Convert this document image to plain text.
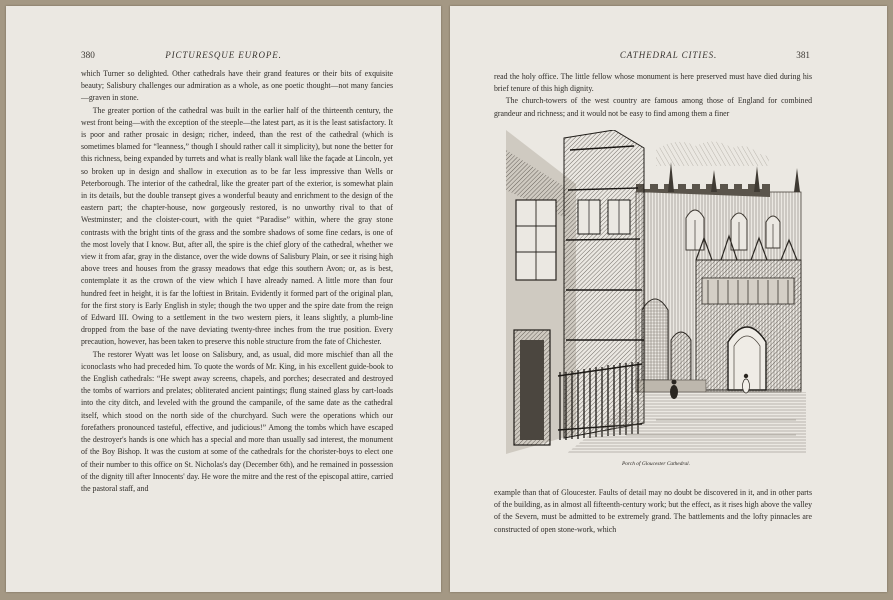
380	PICTURESQUE EUROPE.

which Turner so delighted. Other cathedrals have their grand features or their bits of exquisite beauty; Salisbury challenges our admiration as a whole, as one poetic thought—not many fancies—graven in stone.

The greater portion of the cathedral was built in the earlier half of the thirteenth century, the west front being—with the exception of the steeple—the latest part, as it is the least satisfactory. It is poor and rather prosaic in design; richer, indeed, than the rest of the cathedral (which is sometimes blamed for “leanness,” though I should rather call it simplicity), but none the better for this richness, being expanded by turrets and what is really blank wall like the façade at Lincoln, yet so broken up in design and shallow in execution as to be far less impressive than Wells or Peterborough. The interior of the cathedral, like the greater part of the exterior, is somewhat plain in its details, but the double transept gives a wonderful beauty and enrichment to the design of the eastern part; the chapter-house, now gorgeously restored, is no unworthy rival to that of Westminster; and the cloister-court, with the quiet “Paradise” within, where the gray stone contrasts with the bright tints of the grass and the sombre shadows of some fine cedars, is one of the most lovely that I know. But, after all, the spire is the chief glory of the cathedral, whether we view it from afar, gray in the distance, over the wide downs of Salisbury Plain, or see it rising high above trees and houses from the grassy meadows that edge this southern Avon; or, as is best, contemplate it as the crown of the view which I have already named. A little more than four hundred feet in height, it is far the loftiest in Britain. Evidently it formed part of the original plan, for the first story is Early English in style; though the two upper and the spire date from the reign of Edward III. Owing to a settlement in the two western piers, it leans slightly, a plumb-line dropped from the base of the nave deviating twenty-three inches from the true position. Every precaution, however, has been taken to preserve this noble structure from the fate of Chichester.

The restorer Wyatt was let loose on Salisbury, and, as usual, did more mischief than all the iconoclasts who had preceded him. To quote the words of Mr. King, in his excellent guide-book to the English cathedrals: “He swept away screens, chapels, and porches; desecrated and destroyed the tombs of warriors and prelates; obliterated ancient paintings; flung stained glass by cart-loads into the city ditch, and leveled with the ground the campanile, of the same date as the cathedral itself, which stood on the north side of the churchyard. Such were the operations which our forefathers pronounced tasteful, effective, and judicious!” Among the tombs which have escaped the destroyer's hands is one which has a special and more than usually sad interest, the monument of the Boy Bishop. It was the custom at some of the cathedrals for the chorister-boys to elect one of their number to this office on St. Nicholas's day (December 6th), and he remained in possession of the dignity till after Innocents' day. He wore the mitre and the rest of the episcopal attire, carried the pastoral staff, and

CATHEDRAL CITIES.	381

read the holy office. The little fellow whose monument is here preserved must have died during his brief tenure of this high dignity.

The church-towers of the west country are famous among those of England for combined grandeur and richness; and it would not be easy to find among them a finer

Porch of Gloucester Cathedral.

example than that of Gloucester. Faults of detail may no doubt be discovered in it, and in other parts of the building, as in almost all fifteenth-century work; but the effect, as it rises high above the valley of the Severn, must be admitted to be extremely grand. The battlements and the lofty pinnacles are constructed of open stone-work, which
